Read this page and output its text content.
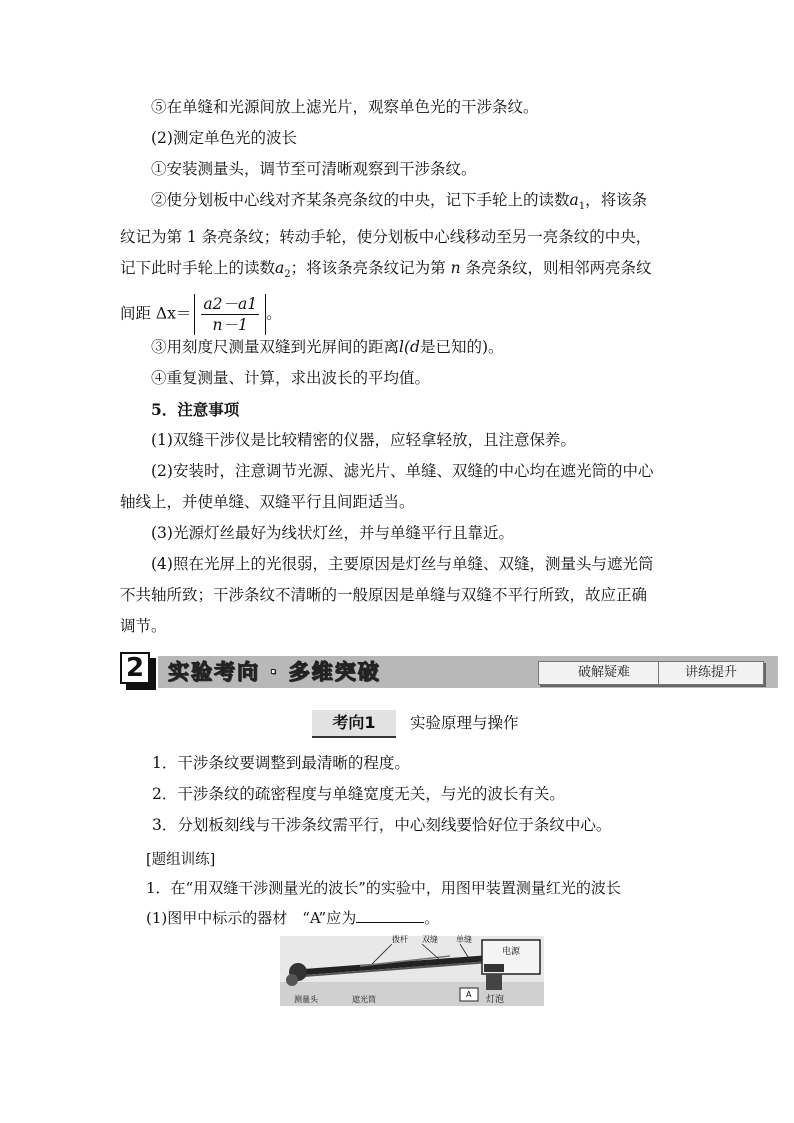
⑤在单缝和光源间放上滤光片，观察单色光的干涉条纹。
(2)测定单色光的波长
①安装测量头，调节至可清晰观察到干涉条纹。
②使分划板中心线对齐某条亮条纹的中央，记下手轮上的读数$a_1$，将该条
纹记为第 1 条亮条纹；转动手轮，使分划板中心线移动至另一亮条纹的中央，
记下此时手轮上的读数$a_2$；将该条亮条纹记为第 n 条亮条纹，则相邻两亮条纹
间距 $\Delta x= \frac{a2-a1}{n-1}$ 。
③用刻度尺测量双缝到光屏间的距离l(d是已知的)。
④重复测量、计算，求出波长的平均值。
5．注意事项
(1)双缝干涉仪是比较精密的仪器，应轻拿轻放，且注意保养。
(2)安装时，注意调节光源、滤光片、单缝、双缝的中心均在遮光筒的中心
轴线上，并使单缝、双缝平行且间距适当。
(3)光源灯丝最好为线状灯丝，并与单缝平行且靠近。
(4)照在光屏上的光很弱，主要原因是灯丝与单缝、双缝，测量头与遮光筒
不共轴所致；干涉条纹不清晰的一般原因是单缝与双缝不平行所致，故应正确
调节。
2 实验考向 · 多维突破	破解疑难	讲练提升
考向1	实验原理与操作
1．干涉条纹要调整到最清晰的程度。
2．干涉条纹的疏密程度与单缝宽度无关，与光的波长有关。
3．分划板刻线与干涉条纹需平行，中心刻线要恰好位于条纹中心。
[题组训练]
1．在“用双缝干涉测量光的波长”的实验中，用图甲装置测量红光的波长
(1)图甲中标示的器材　“A”应为	。
拨杆 双缝 单缝
电源
测量头	遮光筒
A
灯泡
